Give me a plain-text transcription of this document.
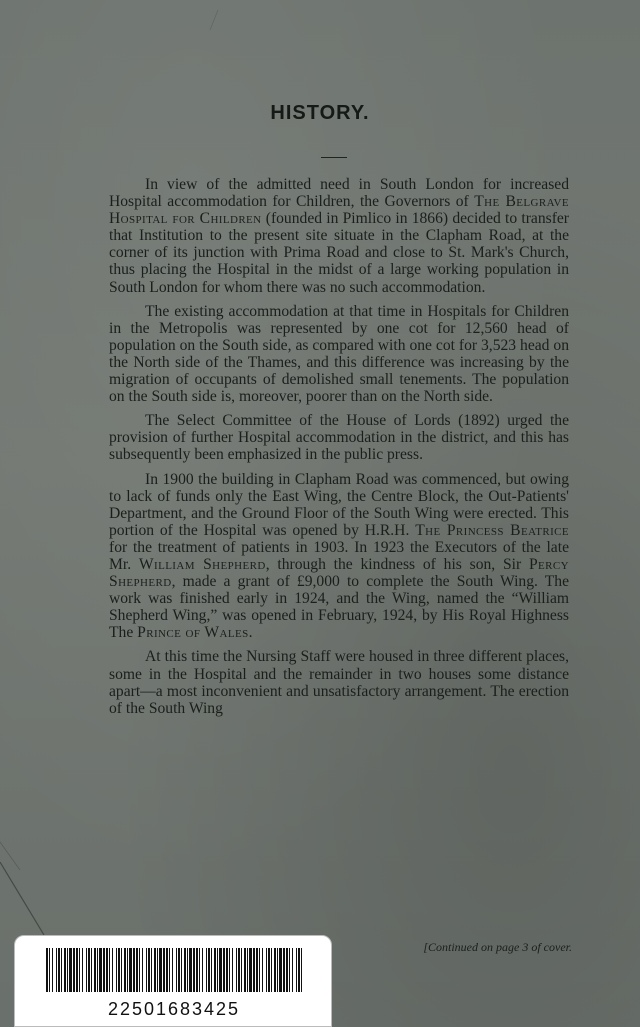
HISTORY.

In view of the admitted need in South London for increased Hospital accommodation for Children, the Governors of The Belgrave Hospital for Children (founded in Pimlico in 1866) decided to transfer that Institution to the present site situate in the Clapham Road, at the corner of its junction with Prima Road and close to St. Mark's Church, thus placing the Hospital in the midst of a large working population in South London for whom there was no such accommodation.

The existing accommodation at that time in Hospitals for Children in the Metropolis was represented by one cot for 12,560 head of population on the South side, as compared with one cot for 3,523 head on the North side of the Thames, and this difference was increasing by the migration of occupants of demolished small tenements. The population on the South side is, moreover, poorer than on the North side.

The Select Committee of the House of Lords (1892) urged the provision of further Hospital accommodation in the district, and this has subsequently been emphasized in the public press.

In 1900 the building in Clapham Road was commenced, but owing to lack of funds only the East Wing, the Centre Block, the Out-Patients' Department, and the Ground Floor of the South Wing were erected. This portion of the Hospital was opened by H.R.H. The Princess Beatrice for the treatment of patients in 1903. In 1923 the Executors of the late Mr. William Shepherd, through the kindness of his son, Sir Percy Shepherd, made a grant of £9,000 to complete the South Wing. The work was finished early in 1924, and the Wing, named the “William Shepherd Wing,” was opened in February, 1924, by His Royal Highness The Prince of Wales.

At this time the Nursing Staff were housed in three different places, some in the Hospital and the remainder in two houses some distance apart—a most inconvenient and unsatisfactory arrangement. The erection of the South Wing

[Continued on page 3 of cover.
22501683425
